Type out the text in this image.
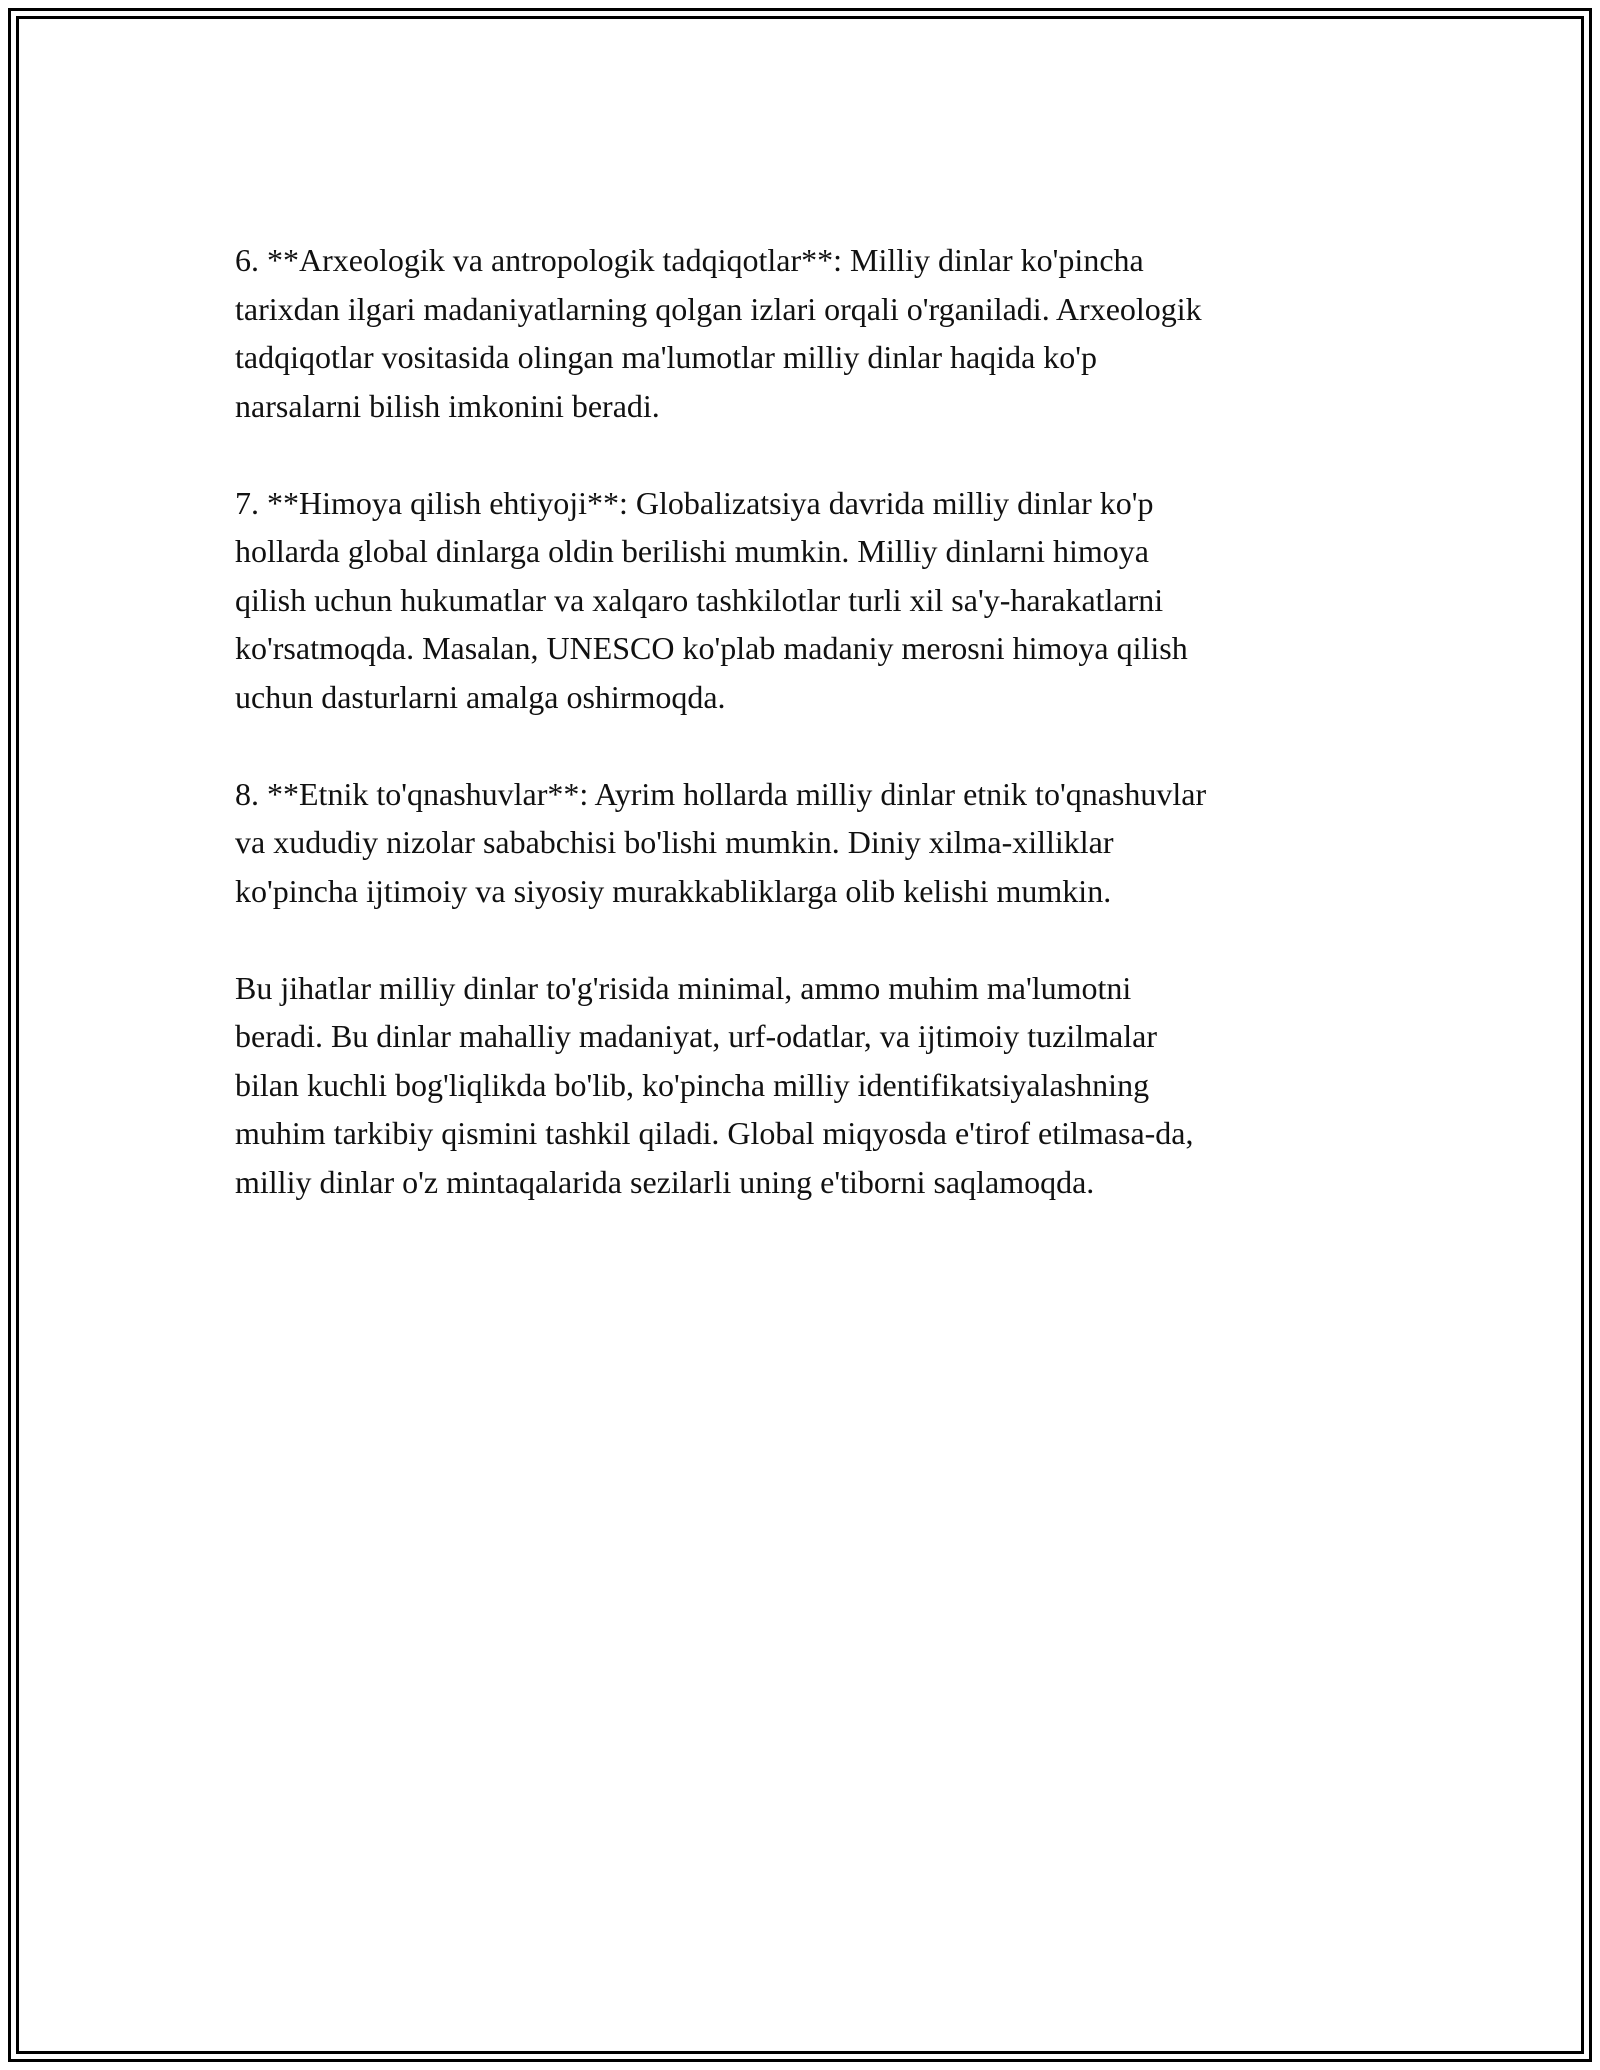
6. **Arxeologik va antropologik tadqiqotlar**: Milliy dinlar ko'pincha
tarixdan ilgari madaniyatlarning qolgan izlari orqali o'rganiladi. Arxeologik
tadqiqotlar vositasida olingan ma'lumotlar milliy dinlar haqida ko'p
narsalarni bilish imkonini beradi.

7. **Himoya qilish ehtiyoji**: Globalizatsiya davrida milliy dinlar ko'p
hollarda global dinlarga oldin berilishi mumkin. Milliy dinlarni himoya
qilish uchun hukumatlar va xalqaro tashkilotlar turli xil sa'y-harakatlarni
ko'rsatmoqda. Masalan, UNESCO ko'plab madaniy merosni himoya qilish
uchun dasturlarni amalga oshirmoqda.

8. **Etnik to'qnashuvlar**: Ayrim hollarda milliy dinlar etnik to'qnashuvlar
va xududiy nizolar sababchisi bo'lishi mumkin. Diniy xilma-xilliklar
ko'pincha ijtimoiy va siyosiy murakkabliklarga olib kelishi mumkin.

Bu jihatlar milliy dinlar to'g'risida minimal, ammo muhim ma'lumotni
beradi. Bu dinlar mahalliy madaniyat, urf-odatlar, va ijtimoiy tuzilmalar
bilan kuchli bog'liqlikda bo'lib, ko'pincha milliy identifikatsiyalashning
muhim tarkibiy qismini tashkil qiladi. Global miqyosda e'tirof etilmasa-da,
milliy dinlar o'z mintaqalarida sezilarli uning e'tiborni saqlamoqda.
